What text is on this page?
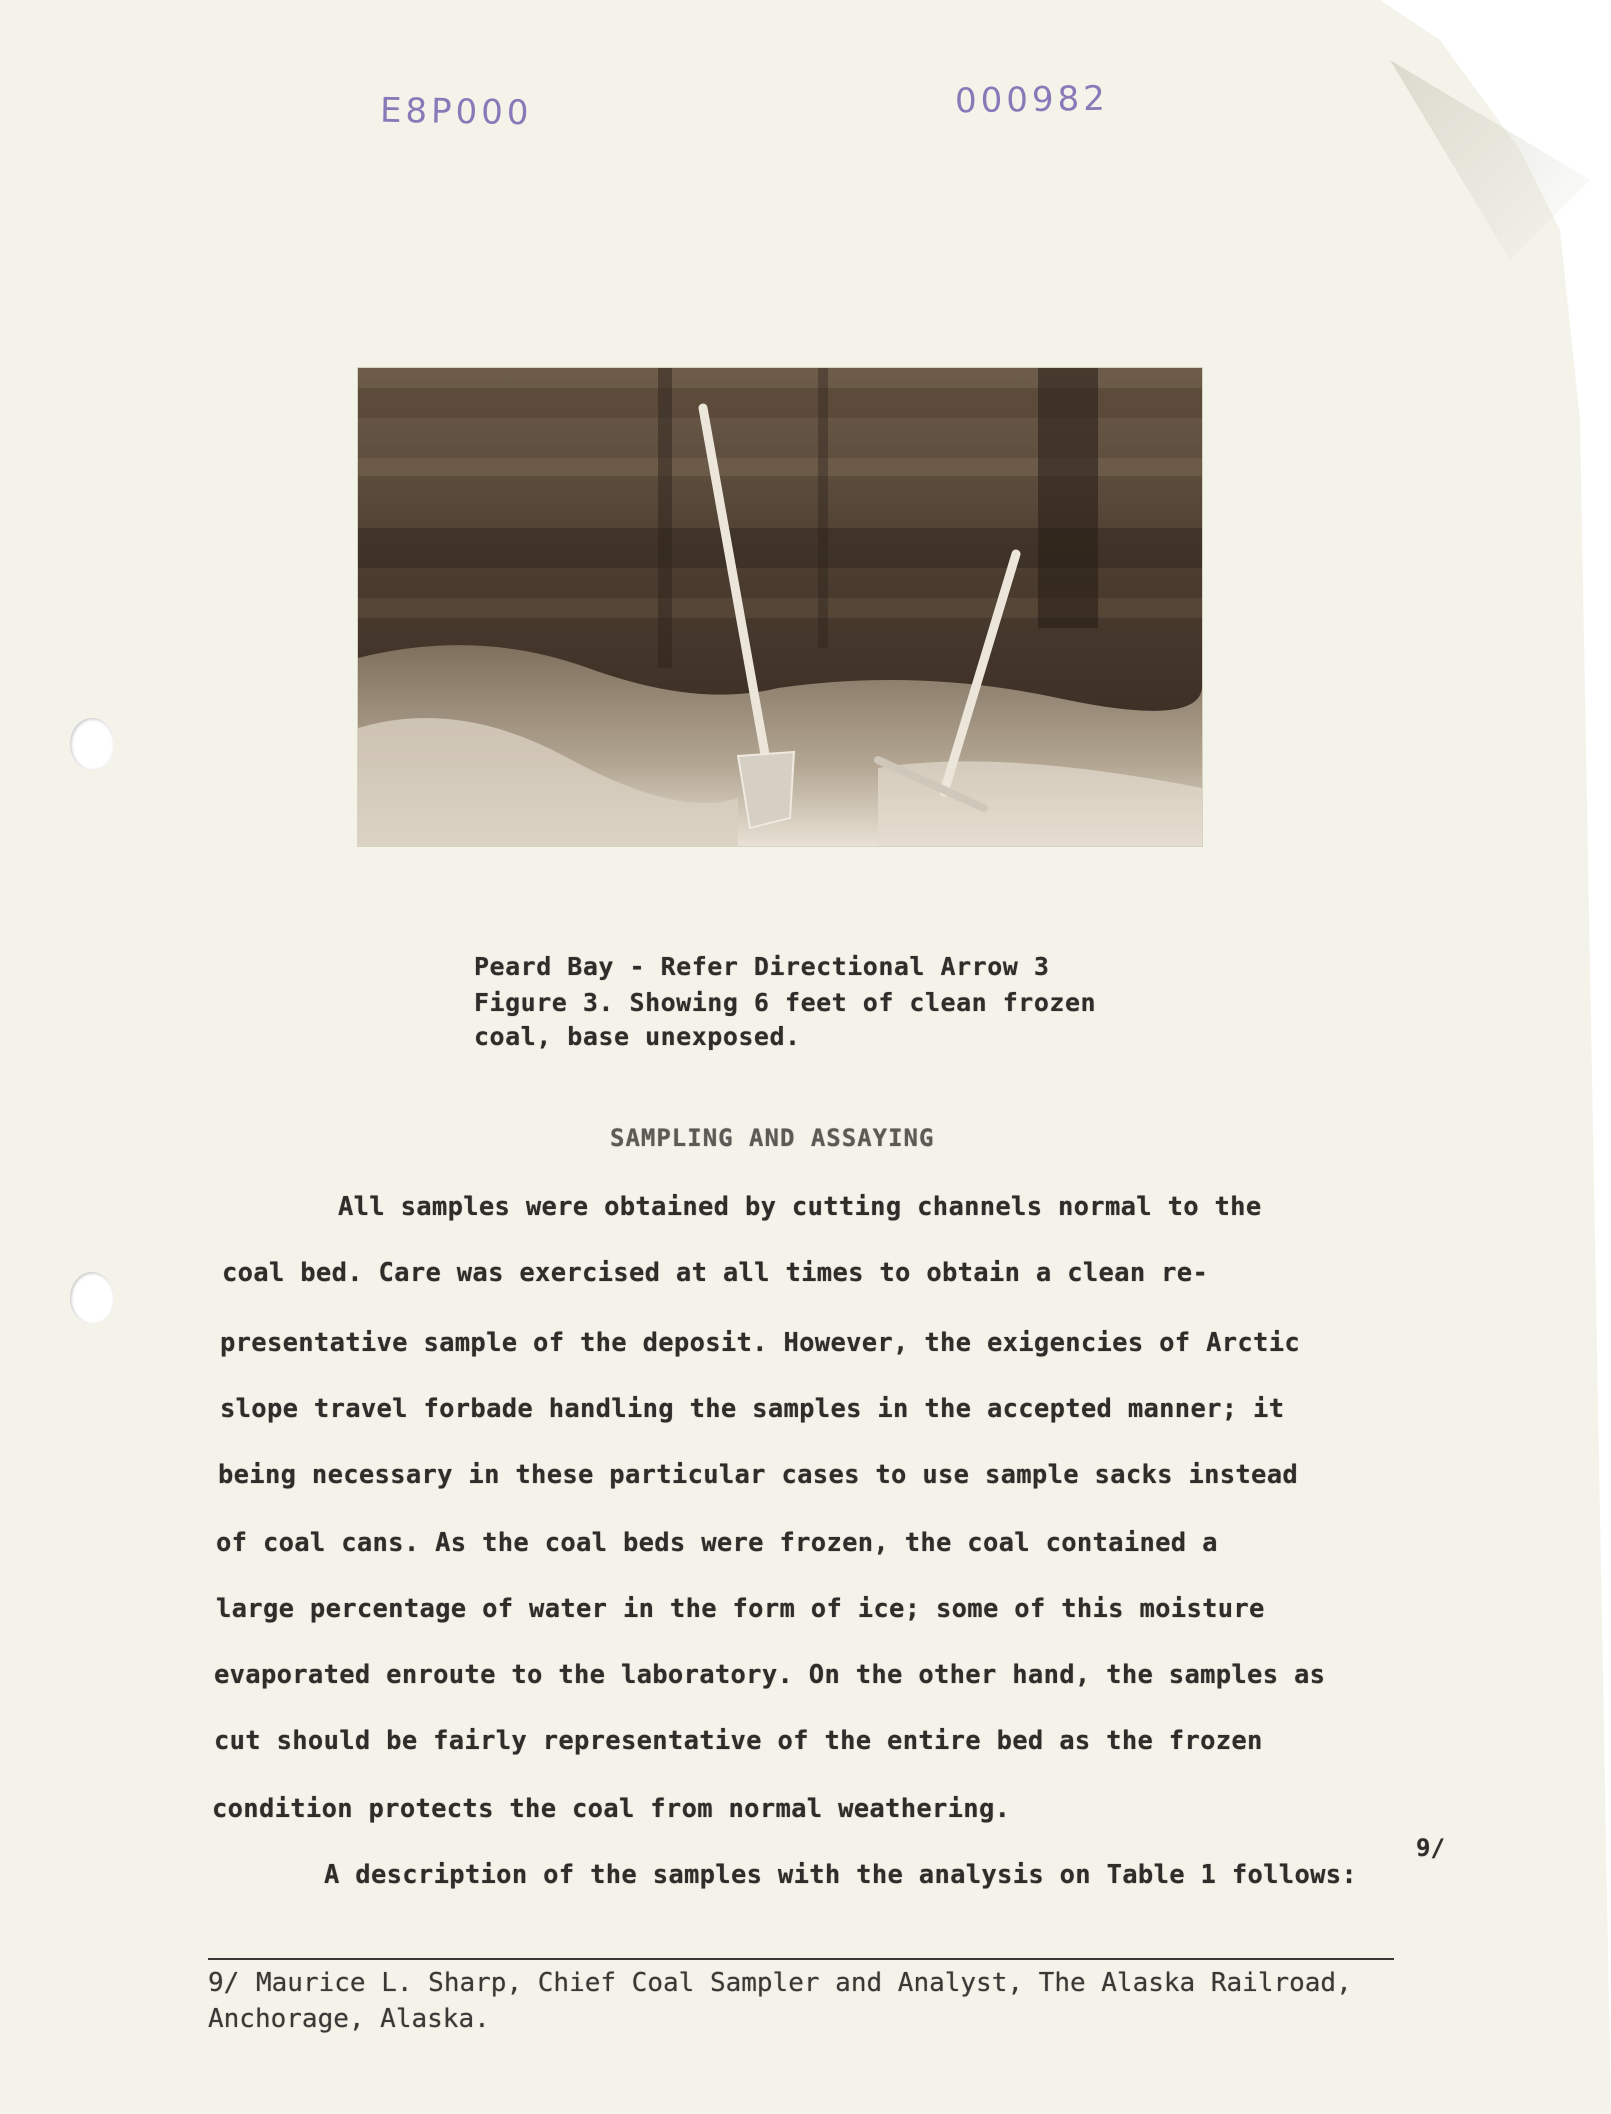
E8P000	000982
Peard Bay - Refer Directional Arrow 3
Figure 3. Showing 6 feet of clean frozen
coal, base unexposed.
SAMPLING AND ASSAYING
All samples were obtained by cutting channels normal to the
coal bed. Care was exercised at all times to obtain a clean re-
presentative sample of the deposit. However, the exigencies of Arctic
slope travel forbade handling the samples in the accepted manner; it
being necessary in these particular cases to use sample sacks instead
of coal cans. As the coal beds were frozen, the coal contained a
large percentage of water in the form of ice; some of this moisture
evaporated enroute to the laboratory. On the other hand, the samples as
cut should be fairly representative of the entire bed as the frozen
condition protects the coal from normal weathering.
9/
A description of the samples with the analysis on Table 1 follows:
9/ Maurice L. Sharp, Chief Coal Sampler and Analyst, The Alaska Railroad,
Anchorage, Alaska.
